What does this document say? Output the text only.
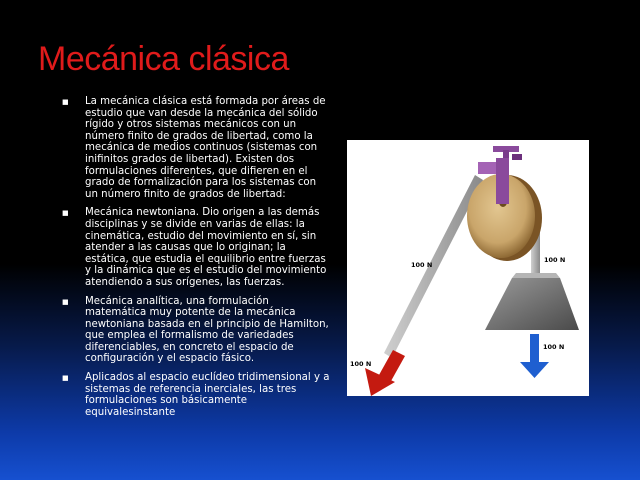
Mecánica clásica
■ La mecánica clásica está formada por áreas de estudio que van desde la mecánica del sólido rígido y otros sistemas mecánicos con un número finito de grados de libertad, como la mecánica de medios continuos (sistemas con inifinitos grados de libertad). Existen dos formulaciones diferentes, que difieren en el grado de formalización para los sistemas con un número finito de grados de libertad:
■ Mecánica newtoniana. Dio origen a las demás disciplinas y se divide en varias de ellas: la cinemática, estudio del movimiento en sí, sin atender a las causas que lo originan; la estática, que estudia el equilibrio entre fuerzas y la dinámica que es el estudio del movimiento atendiendo a sus orígenes, las fuerzas.
■ Mecánica analítica, una formulación matemática muy potente de la mecánica newtoniana basada en el principio de Hamilton, que emplea el formalismo de variedades diferenciables, en concreto el espacio de configuración y el espacio fásico.
■ Aplicados al espacio euclídeo tridimensional y a sistemas de referencia inerciales, las tres formulaciones son básicamente equivalesinstante
100 N
100 N
100 N
100 N
